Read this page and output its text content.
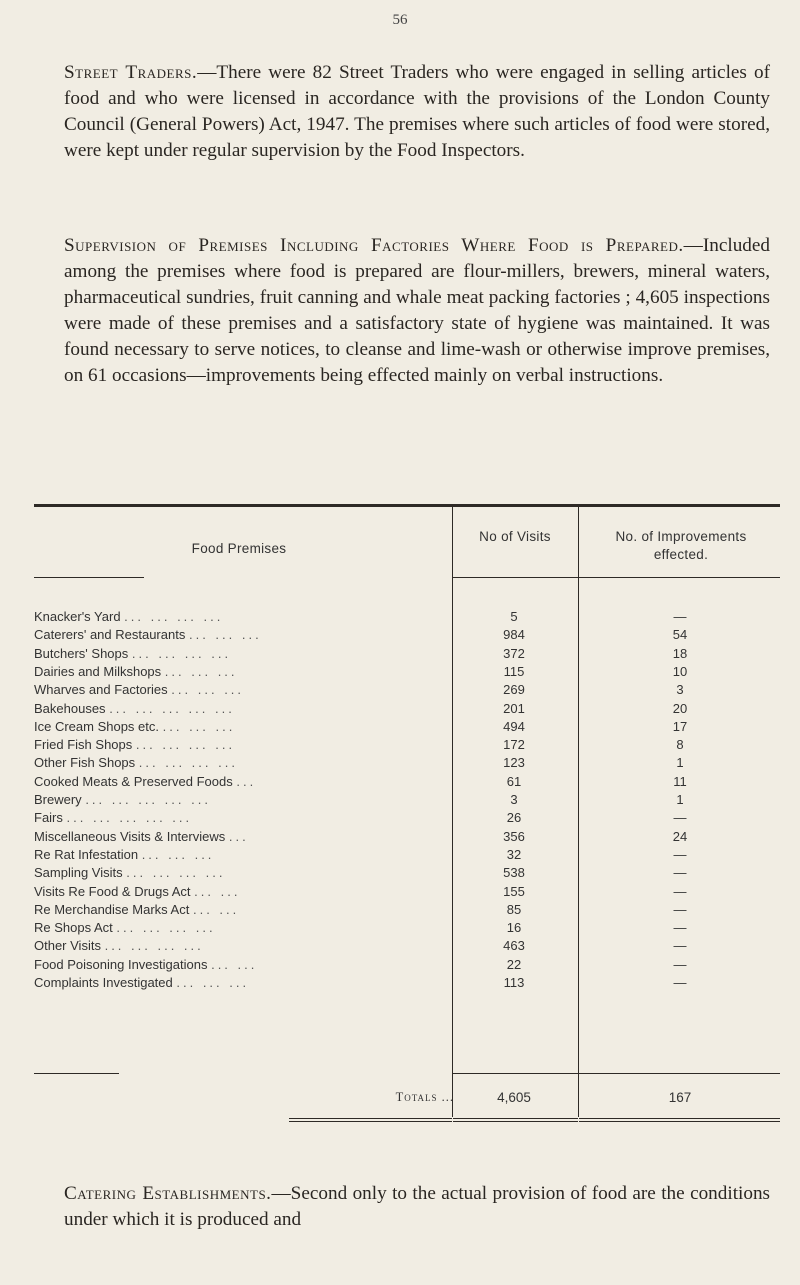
56

Street Traders.—There were 82 Street Traders who were engaged in selling articles of food and who were licensed in accordance with the provisions of the London County Council (General Powers) Act, 1947. The premises where such articles of food were stored, were kept under regular supervision by the Food Inspectors.

Supervision of Premises Including Factories Where Food is Prepared.—Included among the premises where food is prepared are flour-millers, brewers, mineral waters, pharmaceutical sundries, fruit canning and whale meat packing factories ; 4,605 inspections were made of these premises and a satisfactory state of hygiene was maintained. It was found necessary to serve notices, to cleanse and lime-wash or otherwise improve premises, on 61 occasions—improvements being effected mainly on verbal instructions.

Food Premises
No of Visits	No. of Improvements effected.
Knacker's Yard ... ... ... ...	5	—
Caterers' and Restaurants ... ... ...	984	54
Butchers' Shops ... ... ... ...	372	18
Dairies and Milkshops ... ... ...	115	10
Wharves and Factories ... ... ...	269	3
Bakehouses ... ... ... ... ...	201	20
Ice Cream Shops etc. ... ... ...	494	17
Fried Fish Shops ... ... ... ...	172	8
Other Fish Shops ... ... ... ...	123	1
Cooked Meats & Preserved Foods ...	61	11
Brewery ... ... ... ... ...	3	1
Fairs ... ... ... ... ...	26	—
Miscellaneous Visits & Interviews ...	356	24
Re Rat Infestation ... ... ...	32	—
Sampling Visits ... ... ... ...	538	—
Visits Re Food & Drugs Act ... ...	155	—
Re Merchandise Marks Act ... ...	85	—
Re Shops Act ... ... ... ...	16	—
Other Visits ... ... ... ...	463	—
Food Poisoning Investigations ... ...	22	—
Complaints Investigated ... ... ...	113	—
Totals ...	4,605	167

Catering Establishments.—Second only to the actual provision of food are the conditions under which it is produced and
